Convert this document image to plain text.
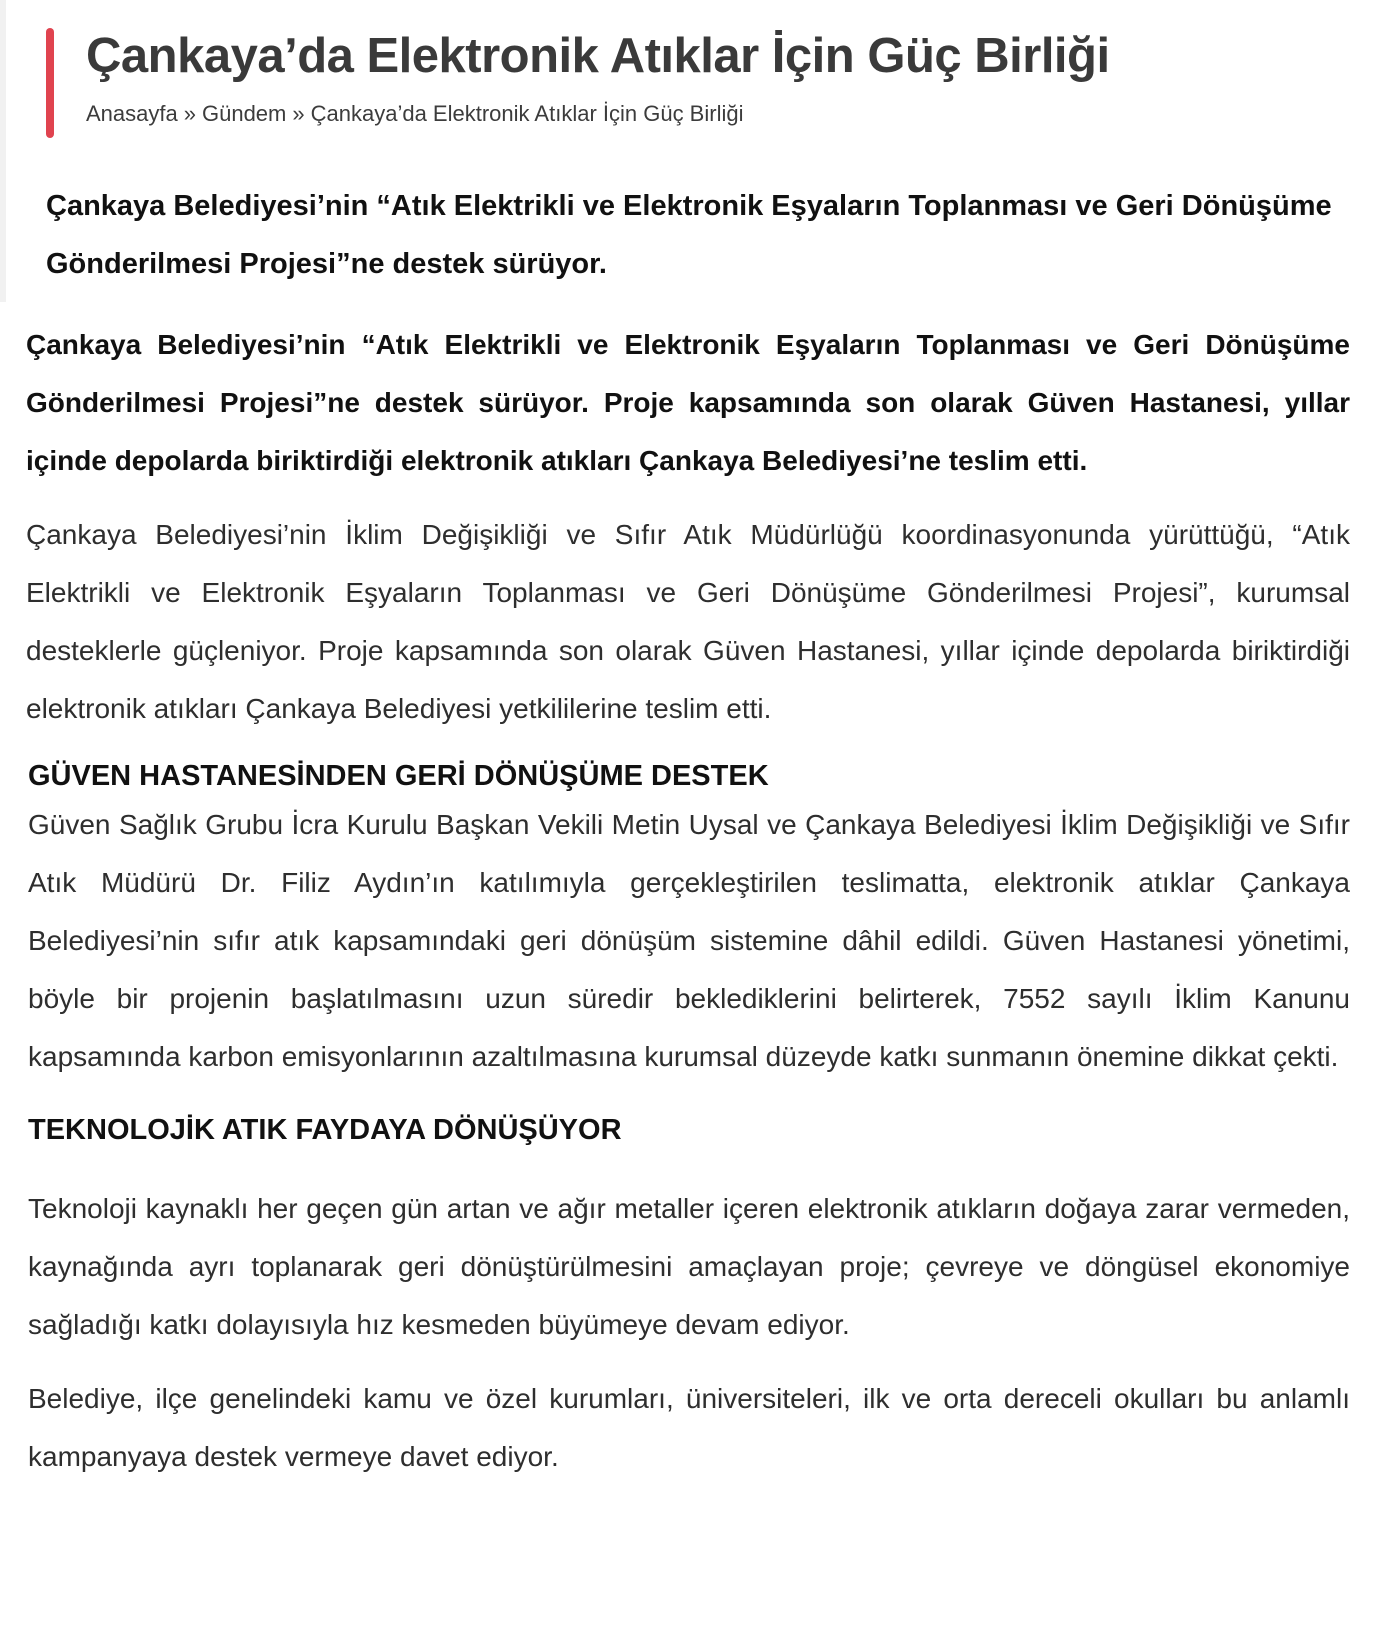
Çankaya’da Elektronik Atıklar İçin Güç Birliği
Anasayfa » Gündem » Çankaya’da Elektronik Atıklar İçin Güç Birliği

Çankaya Belediyesi’nin “Atık Elektrikli ve Elektronik Eşyaların Toplanması ve Geri Dönüşüme Gönderilmesi Projesi”ne destek sürüyor.

Çankaya Belediyesi’nin “Atık Elektrikli ve Elektronik Eşyaların Toplanması ve Geri Dönüşüme Gönderilmesi Projesi”ne destek sürüyor. Proje kapsamında son olarak Güven Hastanesi, yıllar içinde depolarda biriktirdiği elektronik atıkları Çankaya Belediyesi’ne teslim etti.

Çankaya Belediyesi’nin İklim Değişikliği ve Sıfır Atık Müdürlüğü koordinasyonunda yürüttüğü, “Atık Elektrikli ve Elektronik Eşyaların Toplanması ve Geri Dönüşüme Gönderilmesi Projesi”, kurumsal desteklerle güçleniyor. Proje kapsamında son olarak Güven Hastanesi, yıllar içinde depolarda biriktirdiği elektronik atıkları Çankaya Belediyesi yetkililerine teslim etti.

GÜVEN HASTANESİNDEN GERİ DÖNÜŞÜME DESTEK

Güven Sağlık Grubu İcra Kurulu Başkan Vekili Metin Uysal ve Çankaya Belediyesi İklim Değişikliği ve Sıfır Atık Müdürü Dr. Filiz Aydın’ın katılımıyla gerçekleştirilen teslimatta, elektronik atıklar Çankaya Belediyesi’nin sıfır atık kapsamındaki geri dönüşüm sistemine dâhil edildi. Güven Hastanesi yönetimi, böyle bir projenin başlatılmasını uzun süredir beklediklerini belirterek, 7552 sayılı İklim Kanunu kapsamında karbon emisyonlarının azaltılmasına kurumsal düzeyde katkı sunmanın önemine dikkat çekti.

TEKNOLOJİK ATIK FAYDAYA DÖNÜŞÜYOR

Teknoloji kaynaklı her geçen gün artan ve ağır metaller içeren elektronik atıkların doğaya zarar vermeden, kaynağında ayrı toplanarak geri dönüştürülmesini amaçlayan proje; çevreye ve döngüsel ekonomiye sağladığı katkı dolayısıyla hız kesmeden büyümeye devam ediyor.

Belediye, ilçe genelindeki kamu ve özel kurumları, üniversiteleri, ilk ve orta dereceli okulları bu anlamlı kampanyaya destek vermeye davet ediyor.
